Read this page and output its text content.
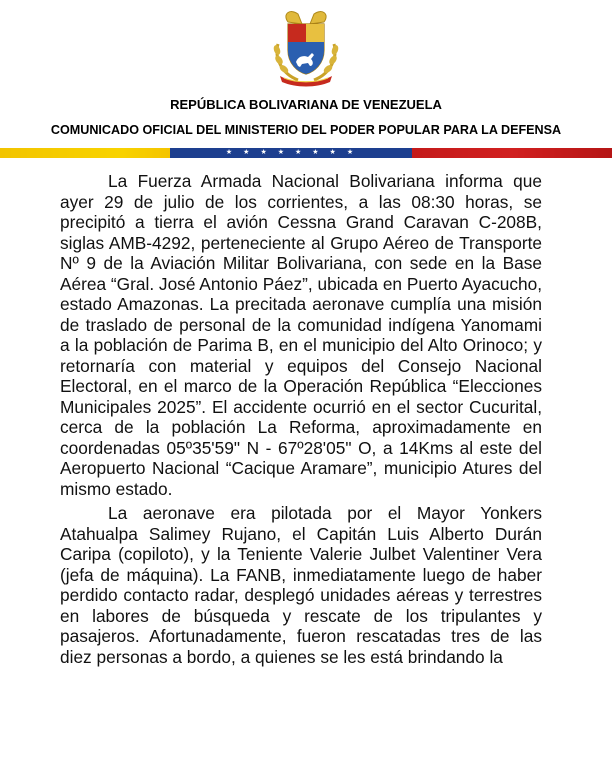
REPÚBLICA BOLIVARIANA DE VENEZUELA
COMUNICADO OFICIAL DEL MINISTERIO DEL PODER POPULAR PARA LA DEFENSA
★★★★★★★★

La Fuerza Armada Nacional Bolivariana informa que ayer 29 de julio de los corrientes, a las 08:30 horas, se precipitó a tierra el avión Cessna Grand Caravan C-208B, siglas AMB-4292, perteneciente al Grupo Aéreo de Transporte Nº 9 de la Aviación Militar Bolivariana, con sede en la Base Aérea “Gral. José Antonio Páez”, ubicada en Puerto Ayacucho, estado Amazonas. La precitada aeronave cumplía una misión de traslado de personal de la comunidad indígena Yanomami a la población de Parima B, en el municipio del Alto Orinoco; y retornaría con material y equipos del Consejo Nacional Electoral, en el marco de la Operación República “Elecciones Municipales 2025”. El accidente ocurrió en el sector Cucurital, cerca de la población La Reforma, aproximadamente en coordenadas 05º35'59" N - 67º28'05" O, a 14Kms al este del Aeropuerto Nacional “Cacique Aramare”, municipio Atures del mismo estado.

La aeronave era pilotada por el Mayor Yonkers Atahualpa Salimey Rujano, el Capitán Luis Alberto Durán Caripa (copiloto), y la Teniente Valerie Julbet Valentiner Vera (jefa de máquina). La FANB, inmediatamente luego de haber perdido contacto radar, desplegó unidades aéreas y terrestres en labores de búsqueda y rescate de los tripulantes y pasajeros. Afortunadamente, fueron rescatadas tres de las diez personas a bordo, a quienes se les está brindando la
